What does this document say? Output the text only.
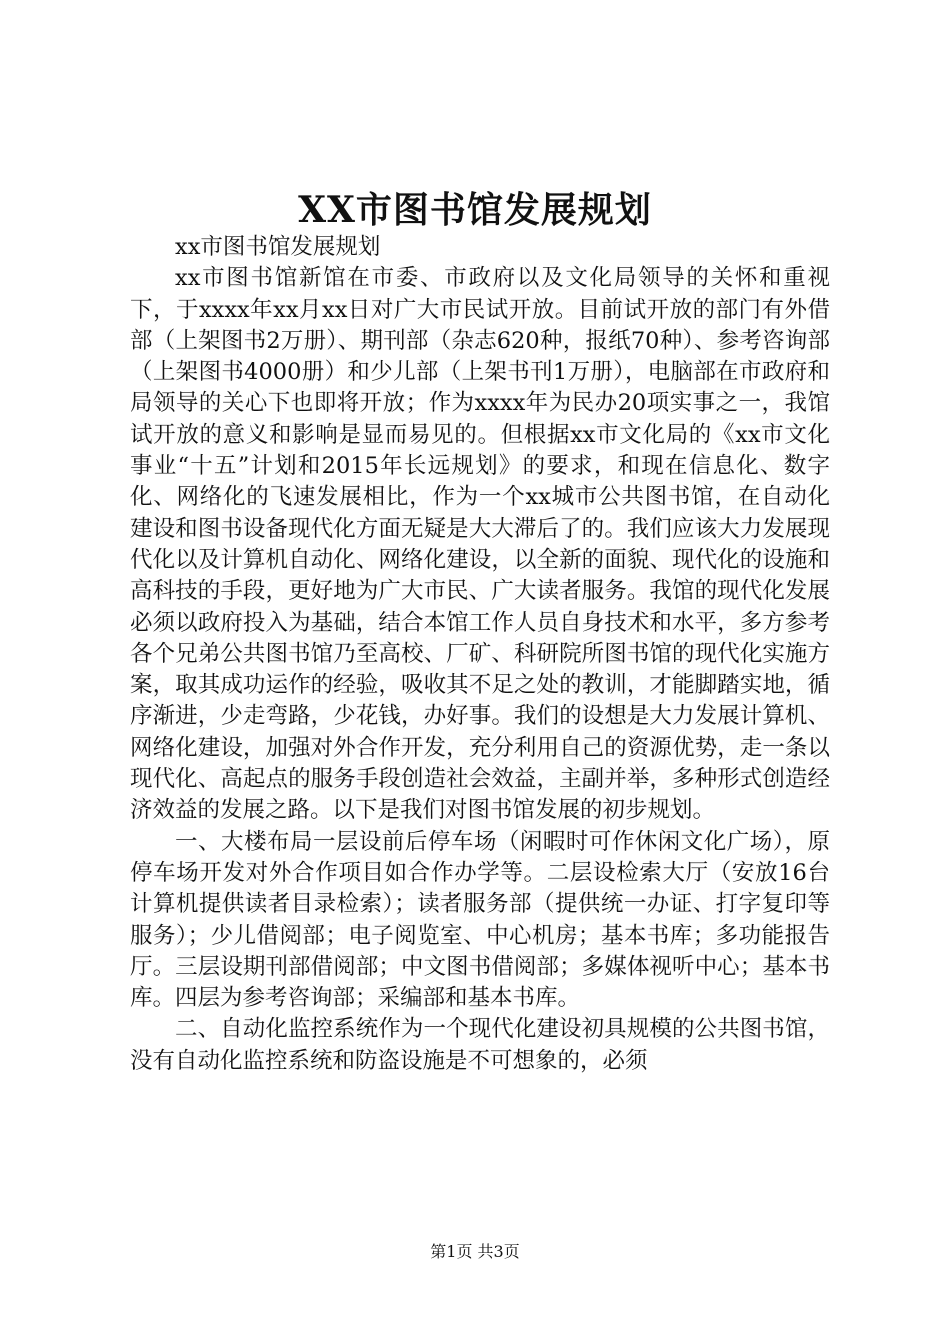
XX市图书馆发展规划

xx市图书馆发展规划

xx市图书馆新馆在市委、市政府以及文化局领导的关怀和重视下，于xxxx年xx月xx日对广大市民试开放。目前试开放的部门有外借部（上架图书2万册）、期刊部（杂志620种，报纸70种）、参考咨询部（上架图书4000册）和少儿部（上架书刊1万册），电脑部在市政府和局领导的关心下也即将开放；作为xxxx年为民办20项实事之一，我馆试开放的意义和影响是显而易见的。但根据xx市文化局的《xx市文化事业“十五”计划和2015年长远规划》的要求，和现在信息化、数字化、网络化的飞速发展相比，作为一个xx城市公共图书馆，在自动化建设和图书设备现代化方面无疑是大大滞后了的。我们应该大力发展现代化以及计算机自动化、网络化建设，以全新的面貌、现代化的设施和高科技的手段，更好地为广大市民、广大读者服务。我馆的现代化发展必须以政府投入为基础，结合本馆工作人员自身技术和水平，多方参考各个兄弟公共图书馆乃至高校、厂矿、科研院所图书馆的现代化实施方案，取其成功运作的经验，吸收其不足之处的教训，才能脚踏实地，循序渐进，少走弯路，少花钱，办好事。我们的设想是大力发展计算机、网络化建设，加强对外合作开发，充分利用自己的资源优势，走一条以现代化、高起点的服务手段创造社会效益，主副并举，多种形式创造经济效益的发展之路。以下是我们对图书馆发展的初步规划。

一、大楼布局一层设前后停车场（闲暇时可作休闲文化广场），原停车场开发对外合作项目如合作办学等。二层设检索大厅（安放16台计算机提供读者目录检索）；读者服务部（提供统一办证、打字复印等服务）；少儿借阅部；电子阅览室、中心机房；基本书库；多功能报告厅。三层设期刊部借阅部；中文图书借阅部；多媒体视听中心；基本书库。四层为参考咨询部；采编部和基本书库。

二、自动化监控系统作为一个现代化建设初具规模的公共图书馆，没有自动化监控系统和防盗设施是不可想象的，必须

第1页 共3页
